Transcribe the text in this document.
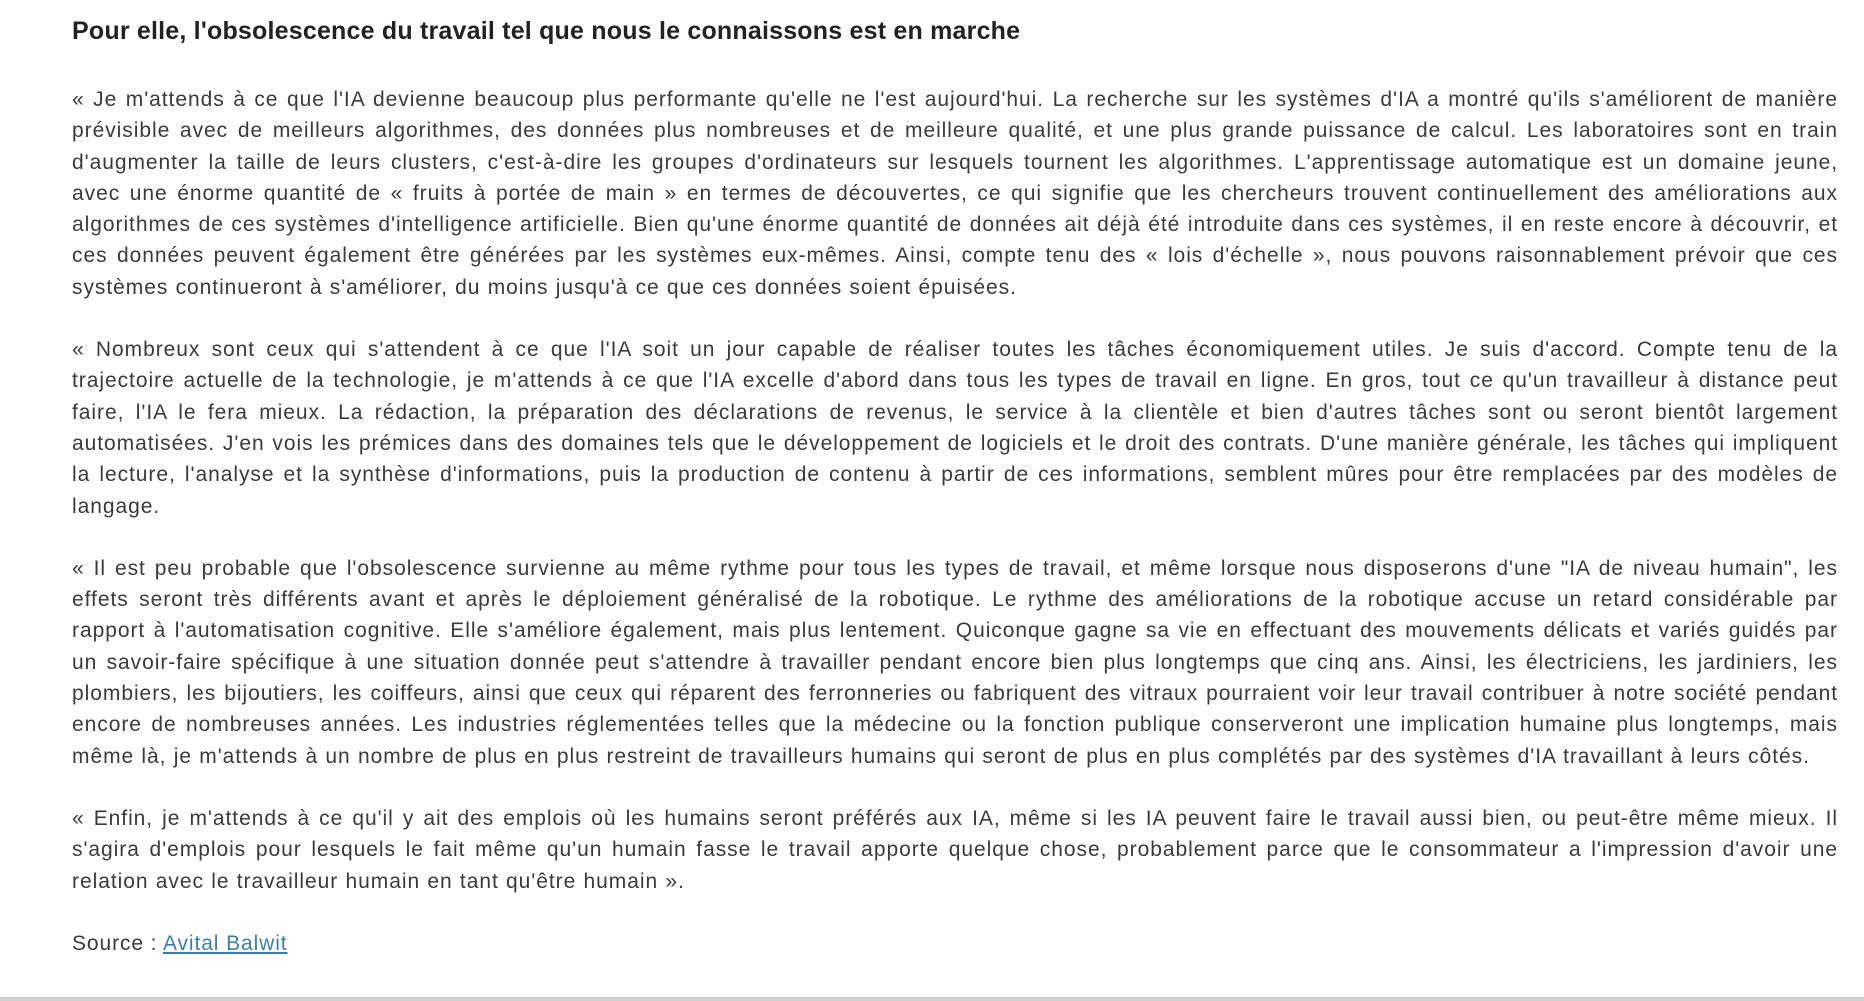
Pour elle, l'obsolescence du travail tel que nous le connaissons est en marche

« Je m'attends à ce que l'IA devienne beaucoup plus performante qu'elle ne l'est aujourd'hui. La recherche sur les systèmes d'IA a montré qu'ils s'améliorent de manière prévisible avec de meilleurs algorithmes, des données plus nombreuses et de meilleure qualité, et une plus grande puissance de calcul. Les laboratoires sont en train d'augmenter la taille de leurs clusters, c'est-à-dire les groupes d'ordinateurs sur lesquels tournent les algorithmes. L'apprentissage automatique est un domaine jeune, avec une énorme quantité de « fruits à portée de main » en termes de découvertes, ce qui signifie que les chercheurs trouvent continuellement des améliorations aux algorithmes de ces systèmes d'intelligence artificielle. Bien qu'une énorme quantité de données ait déjà été introduite dans ces systèmes, il en reste encore à découvrir, et ces données peuvent également être générées par les systèmes eux-mêmes. Ainsi, compte tenu des « lois d'échelle », nous pouvons raisonnablement prévoir que ces systèmes continueront à s'améliorer, du moins jusqu'à ce que ces données soient épuisées.

« Nombreux sont ceux qui s'attendent à ce que l'IA soit un jour capable de réaliser toutes les tâches économiquement utiles. Je suis d'accord. Compte tenu de la trajectoire actuelle de la technologie, je m'attends à ce que l'IA excelle d'abord dans tous les types de travail en ligne. En gros, tout ce qu'un travailleur à distance peut faire, l'IA le fera mieux. La rédaction, la préparation des déclarations de revenus, le service à la clientèle et bien d'autres tâches sont ou seront bientôt largement automatisées. J'en vois les prémices dans des domaines tels que le développement de logiciels et le droit des contrats. D'une manière générale, les tâches qui impliquent la lecture, l'analyse et la synthèse d'informations, puis la production de contenu à partir de ces informations, semblent mûres pour être remplacées par des modèles de langage.

« Il est peu probable que l'obsolescence survienne au même rythme pour tous les types de travail, et même lorsque nous disposerons d'une "IA de niveau humain", les effets seront très différents avant et après le déploiement généralisé de la robotique. Le rythme des améliorations de la robotique accuse un retard considérable par rapport à l'automatisation cognitive. Elle s'améliore également, mais plus lentement. Quiconque gagne sa vie en effectuant des mouvements délicats et variés guidés par un savoir-faire spécifique à une situation donnée peut s'attendre à travailler pendant encore bien plus longtemps que cinq ans. Ainsi, les électriciens, les jardiniers, les plombiers, les bijoutiers, les coiffeurs, ainsi que ceux qui réparent des ferronneries ou fabriquent des vitraux pourraient voir leur travail contribuer à notre société pendant encore de nombreuses années. Les industries réglementées telles que la médecine ou la fonction publique conserveront une implication humaine plus longtemps, mais même là, je m'attends à un nombre de plus en plus restreint de travailleurs humains qui seront de plus en plus complétés par des systèmes d'IA travaillant à leurs côtés.

« Enfin, je m'attends à ce qu'il y ait des emplois où les humains seront préférés aux IA, même si les IA peuvent faire le travail aussi bien, ou peut-être même mieux. Il s'agira d'emplois pour lesquels le fait même qu'un humain fasse le travail apporte quelque chose, probablement parce que le consommateur a l'impression d'avoir une relation avec le travailleur humain en tant qu'être humain ».

Source : Avital Balwit
